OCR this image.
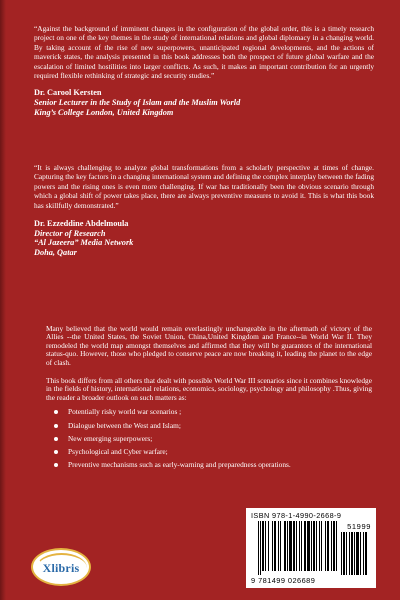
“Against the background of imminent changes in the configuration of the global order, this is a timely research project on one of the key themes in the study of international relations and global diplomacy in a changing world. By taking account of the rise of new superpowers, unanticipated regional developments, and the actions of maverick states, the analysis presented in this book addresses both the prospect of future global warfare and the escalation of limited hostilities into larger conflicts. As such, it makes an important contribution for an urgently required flexible rethinking of strategic and security studies.”

Dr. Carool Kersten
Senior Lecturer in the Study of Islam and the Muslim World
King’s College London, United Kingdom

“It is always challenging to analyze global transformations from a scholarly perspective at times of change. Capturing the key factors in a changing international system and defining the complex interplay between the fading powers and the rising ones is even more challenging. If war has traditionally been the obvious scenario through which a global shift of power takes place, there are always preventive measures to avoid it. This is what this book has skillfully demonstrated.”

Dr. Ezzeddine Abdelmoula
Director of Research
“Al Jazeera” Media Network
Doha, Qatar

Many believed that the world would remain everlastingly unchangeable in the aftermath of victory of the Allies --the United States, the Soviet Union, China,United Kingdom and France--in World War II. They remodeled the world map amongst themselves and affirmed that they will be guarantors of the international status-quo. However, those who pledged to conserve peace are now breaking it, leading the planet to the edge of clash.

This book differs from all others that dealt with possible World War III scenarios since it combines knowledge in the fields of history, international relations, economics, sociology, psychology and philosophy .Thus, giving the reader a broader outlook on such matters as:

Potentially risky world war scenarios ;
Dialogue between the West and Islam;
New emerging superpowers;
Psychological and Cyber warfare;
Preventive mechanisms such as early-warning and preparedness operations.
Xlibris
ISBN 978-1-4990-2668-9
51999
9 781499 026689
